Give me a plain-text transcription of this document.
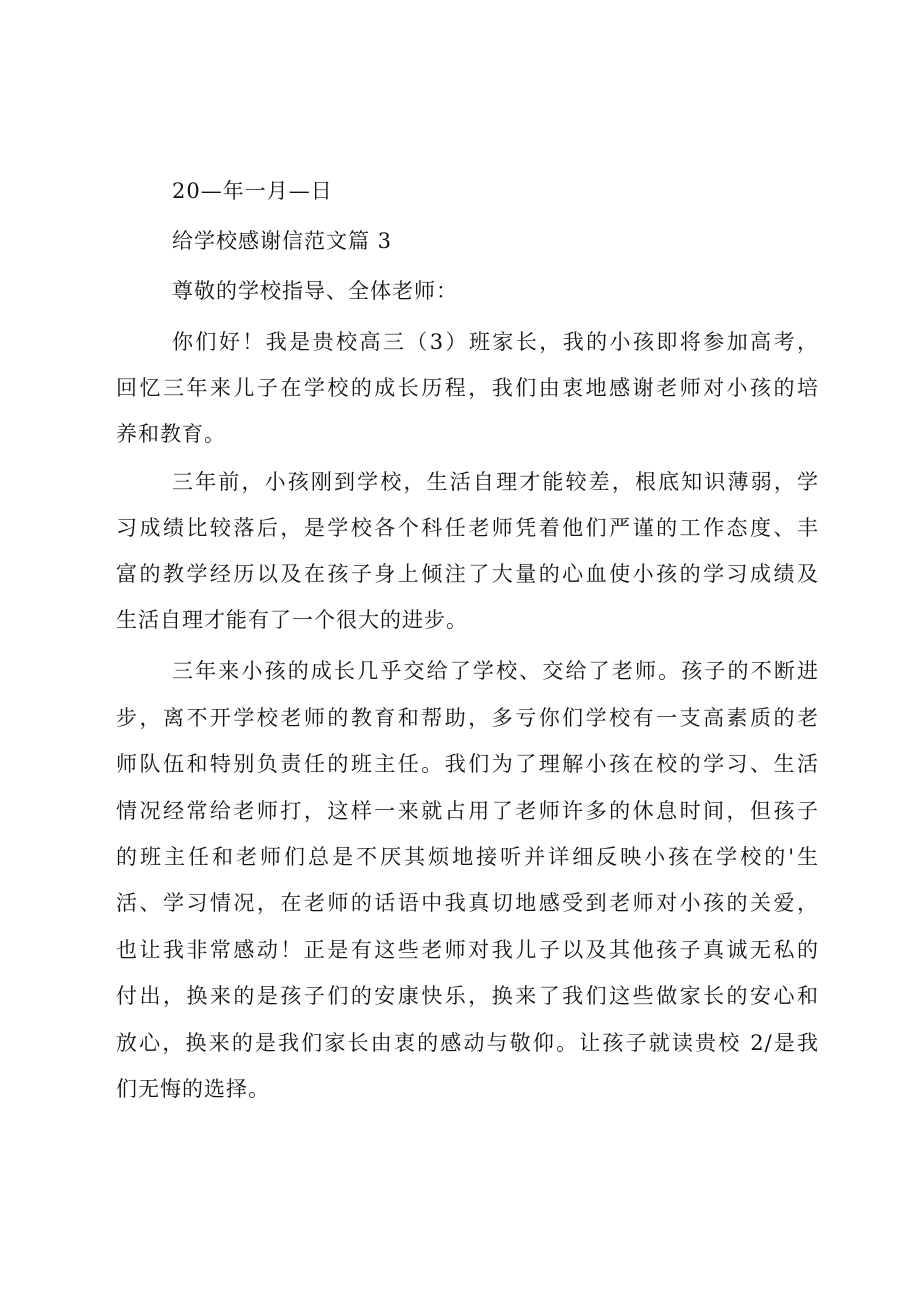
20—年一月—日
给学校感谢信范文篇 3
尊敬的学校指导、全体老师：
你们好！我是贵校高三（3）班家长，我的小孩即将参加高考，
回忆三年来儿子在学校的成长历程，我们由衷地感谢老师对小孩的培
养和教育。
三年前，小孩刚到学校，生活自理才能较差，根底知识薄弱，学
习成绩比较落后，是学校各个科任老师凭着他们严谨的工作态度、丰
富的教学经历以及在孩子身上倾注了大量的心血使小孩的学习成绩及
生活自理才能有了一个很大的进步。
三年来小孩的成长几乎交给了学校、交给了老师。孩子的不断进
步，离不开学校老师的教育和帮助，多亏你们学校有一支高素质的老
师队伍和特别负责任的班主任。我们为了理解小孩在校的学习、生活
情况经常给老师打，这样一来就占用了老师许多的休息时间，但孩子
的班主任和老师们总是不厌其烦地接听并详细反映小孩在学校的'生
活、学习情况，在老师的话语中我真切地感受到老师对小孩的关爱，
也让我非常感动！正是有这些老师对我儿子以及其他孩子真诚无私的
付出，换来的是孩子们的安康快乐，换来了我们这些做家长的安心和
放心，换来的是我们家长由衷的感动与敬仰。让孩子就读贵校 2/是我
们无悔的选择。
